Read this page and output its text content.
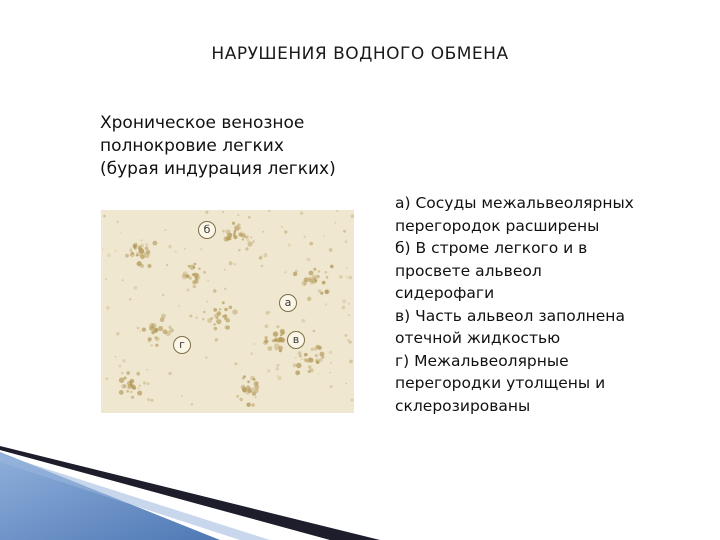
НАРУШЕНИЯ ВОДНОГО ОБМЕНА
Хроническое венозное
полнокровие легких
(бурая индурация легких)
б
а
г	в
а) Сосуды межальвеолярных
перегородок расширены
б) В строме легкого и в
просвете альвеол
сидерофаги
в) Часть альвеол заполнена
отечной жидкостью
г) Межальвеолярные
перегородки утолщены и
склерозированы
